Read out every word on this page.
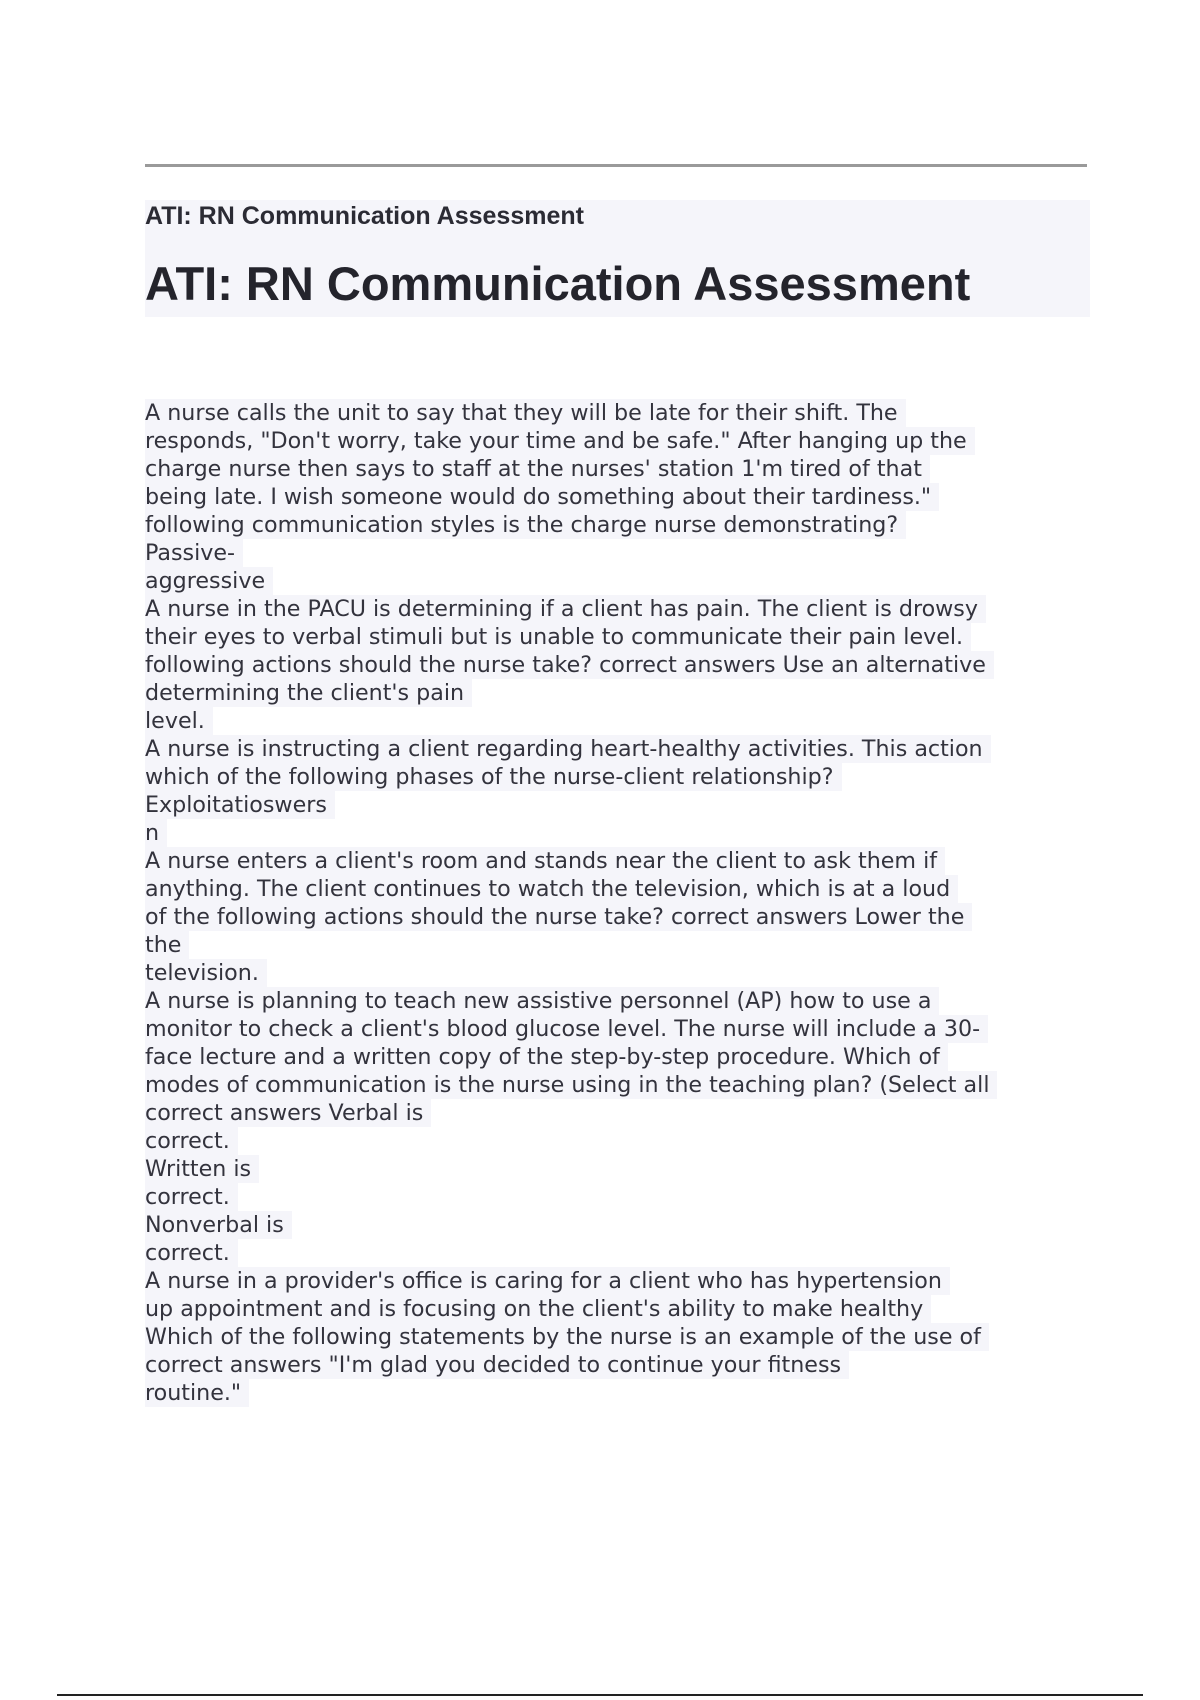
ATI: RN Communication Assessment
ATI: RN Communication Assessment
A nurse calls the unit to say that they will be late for their shift. The
responds, "Don't worry, take your time and be safe." After hanging up the
charge nurse then says to staff at the nurses' station 1'm tired of that
being late. I wish someone would do something about their tardiness."
following communication styles is the charge nurse demonstrating?
Passive-
aggressive
A nurse in the PACU is determining if a client has pain. The client is drowsy
their eyes to verbal stimuli but is unable to communicate their pain level.
following actions should the nurse take? correct answers Use an alternative
determining the client's pain
level.
A nurse is instructing a client regarding heart-healthy activities. This action
which of the following phases of the nurse-client relationship?
Exploitatioswers
n
A nurse enters a client's room and stands near the client to ask them if
anything. The client continues to watch the television, which is at a loud
of the following actions should the nurse take? correct answers Lower the
the
television.
A nurse is planning to teach new assistive personnel (AP) how to use a
monitor to check a client's blood glucose level. The nurse will include a 30-
face lecture and a written copy of the step-by-step procedure. Which of
modes of communication is the nurse using in the teaching plan? (Select all
correct answers Verbal is
correct.
Written is
correct.
Nonverbal is
correct.
A nurse in a provider's office is caring for a client who has hypertension
up appointment and is focusing on the client's ability to make healthy
Which of the following statements by the nurse is an example of the use of
correct answers "I'm glad you decided to continue your fitness
routine."
